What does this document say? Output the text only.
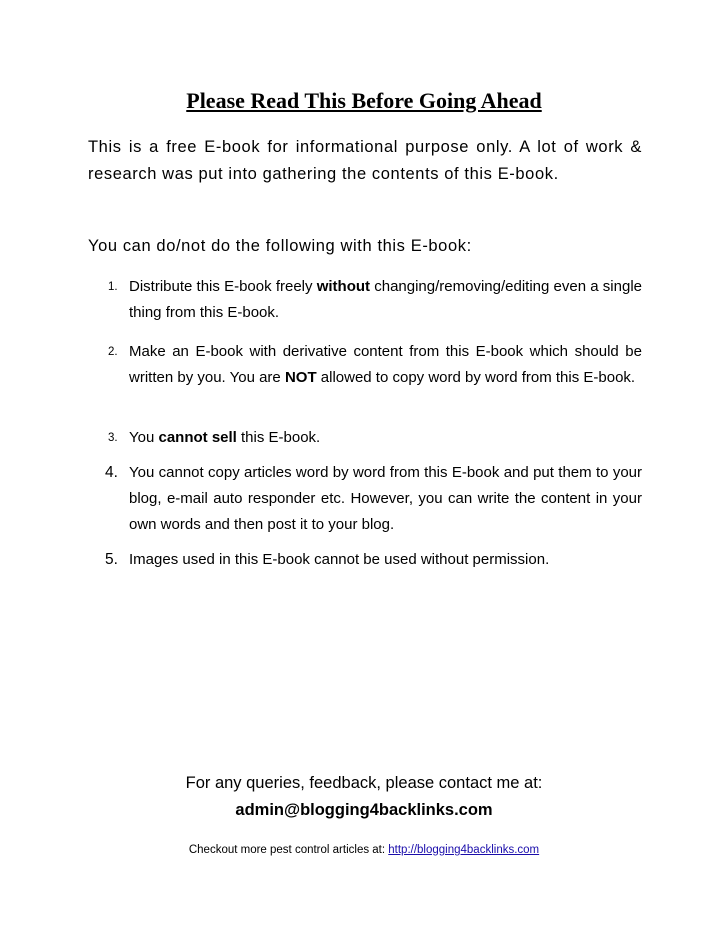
Please Read This Before Going Ahead
This is a free E-book for informational purpose only. A lot of work & research was put into gathering the contents of this E-book.
You can do/not do the following with this E-book:
1. Distribute this E-book freely without changing/removing/editing even a single thing from this E-book.
2. Make an E-book with derivative content from this E-book which should be written by you. You are NOT allowed to copy word by word from this E-book.
3. You cannot sell this E-book.
4. You cannot copy articles word by word from this E-book and put them to your blog, e-mail auto responder etc. However, you can write the content in your own words and then post it to your blog.
5. Images used in this E-book cannot be used without permission.
For any queries, feedback, please contact me at:
admin@blogging4backlinks.com
Checkout more pest control articles at: http://blogging4backlinks.com
